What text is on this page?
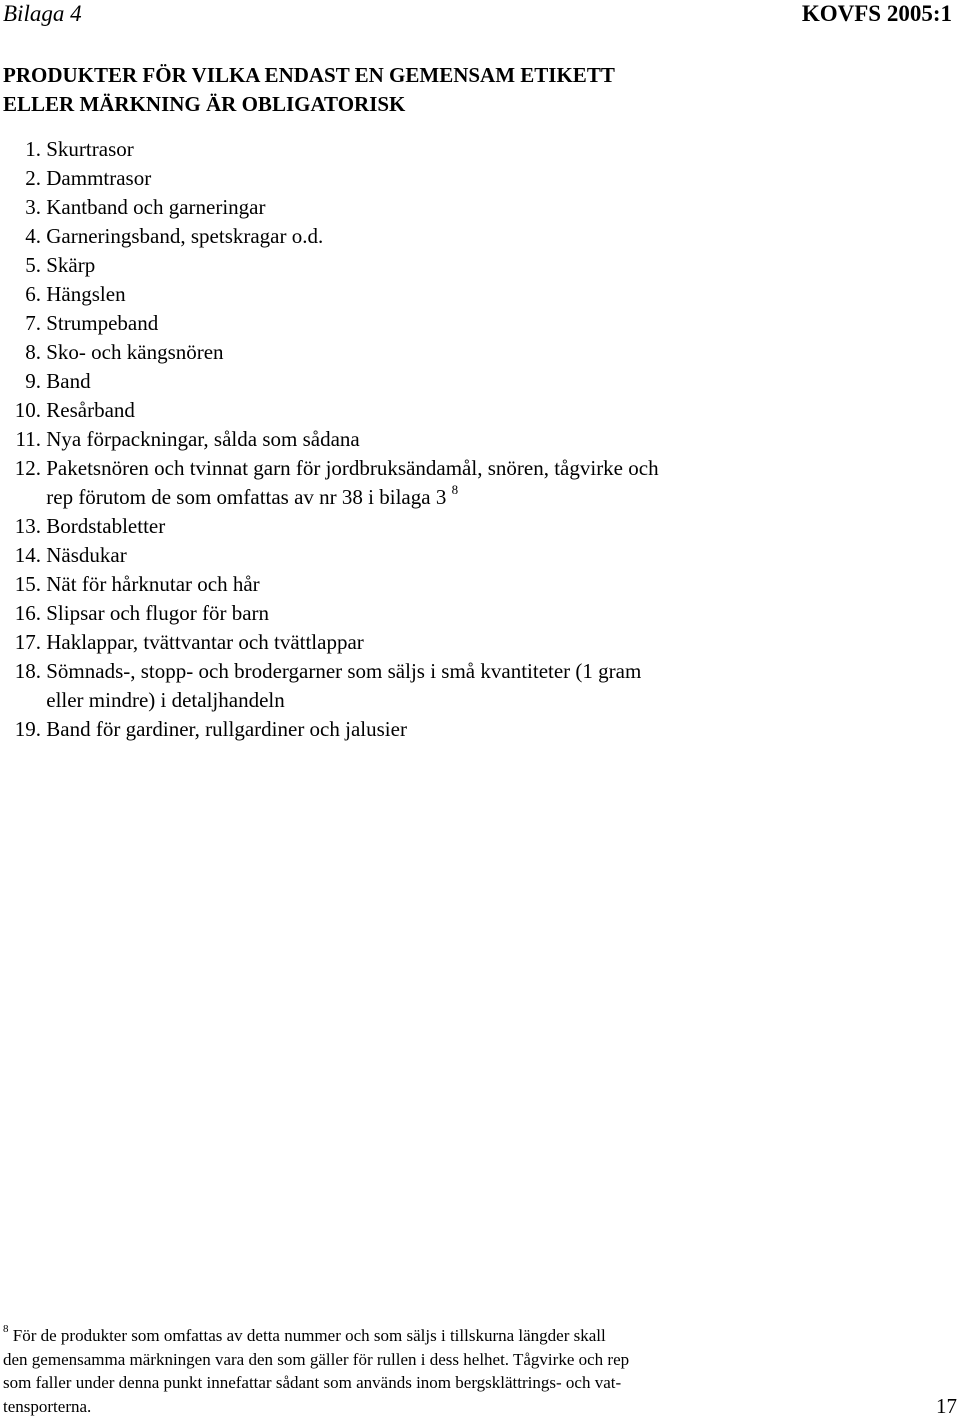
Bilaga 4	KOVFS 2005:1
PRODUKTER FÖR VILKA ENDAST EN GEMENSAM ETIKETT
ELLER MÄRKNING ÄR OBLIGATORISK
1.
Skurtrasor
2.
Dammtrasor
3.
Kantband och garneringar
4.
Garneringsband, spetskragar o.d.
5.
Skärp
6.
Hängslen
7.
Strumpeband
8.
Sko- och kängsnören
9.
Band
10.
Resårband
11.
Nya förpackningar, sålda som sådana
12.
Paketsnören och tvinnat garn för jordbruksändamål, snören, tågvirke och
rep förutom de som omfattas av nr 38 i bilaga 3 $^8$
13.
Bordstabletter
14.
Näsdukar
15.
Nät för hårknutar och hår
16.
Slipsar och flugor för barn
17.
Haklappar, tvättvantar och tvättlappar
18.
Sömnads-, stopp- och brodergarner som säljs i små kvantiteter (1 gram
eller mindre) i detaljhandeln
19.
Band för gardiner, rullgardiner och jalusier
$^8$ För de produkter som omfattas av detta nummer och som säljs i tillskurna längder skall
den gemensamma märkningen vara den som gäller för rullen i dess helhet. Tågvirke och rep
som faller under denna punkt innefattar sådant som används inom bergsklättrings- och vat-
tensporterna.	17
